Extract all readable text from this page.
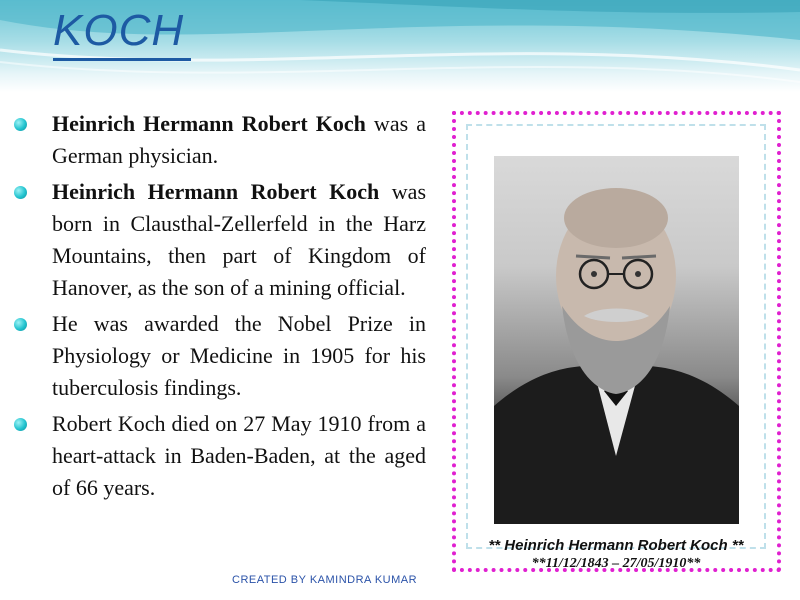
KOCH
Heinrich Hermann Robert Koch was a German physician.
Heinrich Hermann Robert Koch was born in Clausthal-Zellerfeld in the Harz Mountains, then part of Kingdom of Hanover, as the son of a mining official.
He was awarded the Nobel Prize in Physiology or Medicine in 1905 for his tuberculosis findings.
Robert Koch died on 27 May 1910 from a heart-attack in Baden-Baden, at the aged of 66 years.
** Heinrich Hermann Robert Koch **
**11/12/1843 – 27/05/1910**
CREATED BY KAMINDRA KUMAR
